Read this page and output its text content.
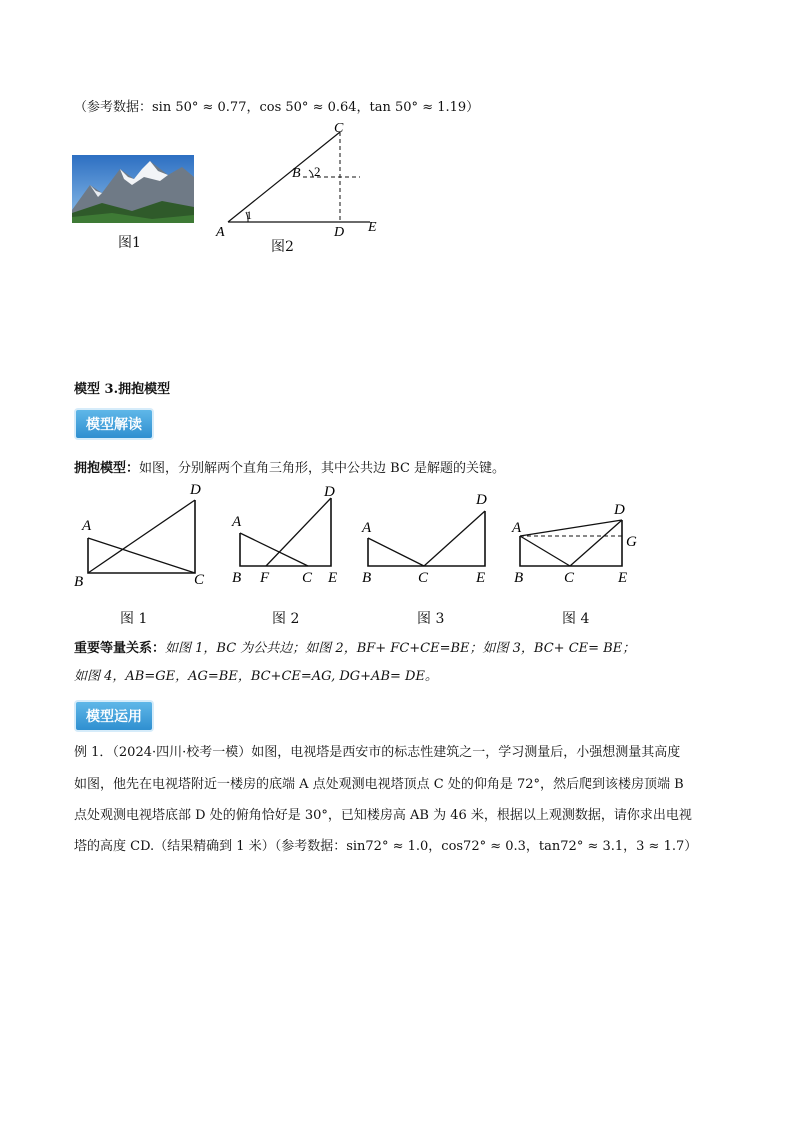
（参考数据：sin 50° ≈ 0.77，cos 50° ≈ 0.64，tan 50° ≈ 1.19）
图1
C
B 2
1
A	D E
图2
模型 3.拥抱模型
模型解读
拥抱模型：如图，分别解两个直角三角形，其中公共边 BC 是解题的关键。
A
B	C
D
图 1
A
B F C E
D
图 2
A
B	C	E
D
图 3
A
B	C	E
D
G
图 4
重要等量关系：如图 1，BC 为公共边；如图 2，BF+ FC+CE=BE；如图 3，BC+ CE= BE；
如图 4，AB=GE，AG=BE，BC+CE=AG, DG+AB= DE。
模型运用
例 1．（2024·四川·校考一模）如图，电视塔是西安市的标志性建筑之一，学习测量后，小强想测量其高度
如图，他先在电视塔附近一楼房的底端 A 点处观测电视塔顶点 C 处的仰角是 72°，然后爬到该楼房顶端 B
点处观测电视塔底部 D 处的俯角恰好是 30°，已知楼房高 AB 为 46 米，根据以上观测数据，请你求出电视
塔的高度 CD.（结果精确到 1 米）（参考数据：sin72° ≈ 1.0，cos72° ≈ 0.3，tan72° ≈ 3.1，3 ≈ 1.7）
